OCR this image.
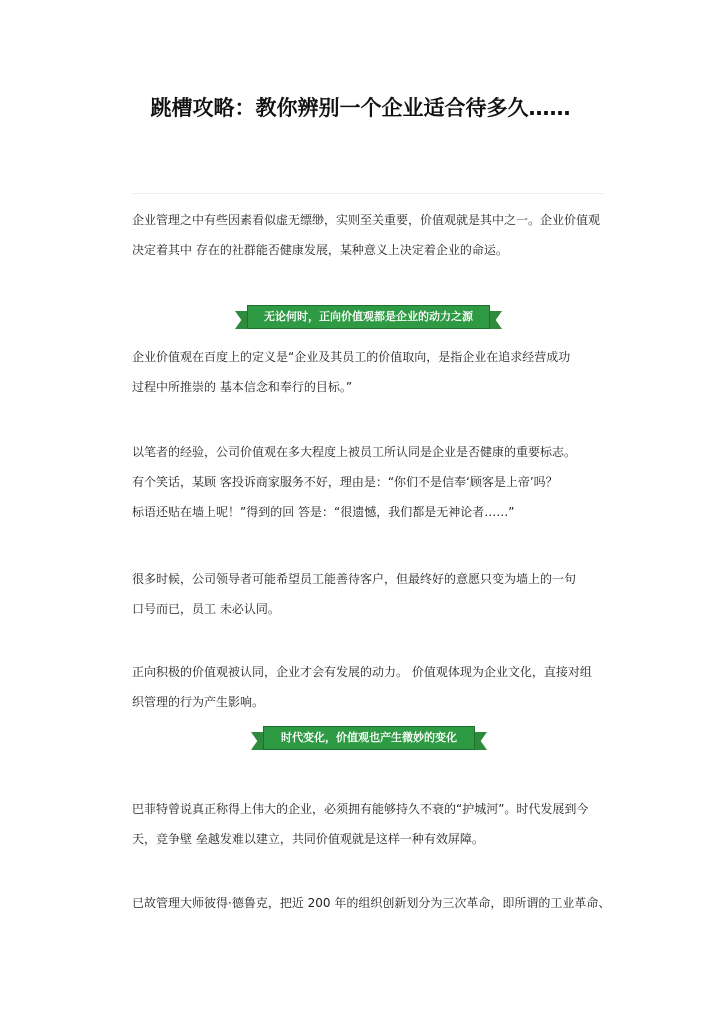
跳槽攻略：教你辨别一个企业适合待多久……
企业管理之中有些因素看似虚无缥缈，实则至关重要，价值观就是其中之一。企业价值观
决定着其中 存在的社群能否健康发展，某种意义上决定着企业的命运。
无论何时，正向价值观都是企业的动力之源
企业价值观在百度上的定义是“企业及其员工的价值取向，是指企业在追求经营成功
过程中所推崇的 基本信念和奉行的目标。”
以笔者的经验，公司价值观在多大程度上被员工所认同是企业是否健康的重要标志。
有个笑话，某顾 客投诉商家服务不好，理由是：“你们不是信奉‘顾客是上帝’吗？
标语还贴在墙上呢！”得到的回 答是：“很遗憾，我们都是无神论者……”
很多时候，公司领导者可能希望员工能善待客户，但最终好的意愿只变为墙上的一句
口号而已，员工 未必认同。
正向积极的价值观被认同，企业才会有发展的动力。 价值观体现为企业文化，直接对组
织管理的行为产生影响。
时代变化，价值观也产生微妙的变化
巴菲特曾说真正称得上伟大的企业，必须拥有能够持久不衰的“护城河”。时代发展到今
天，竞争壁 垒越发难以建立，共同价值观就是这样一种有效屏障。
已故管理大师彼得·德鲁克，把近 200 年的组织创新划分为三次革命，即所谓的工业革命、
